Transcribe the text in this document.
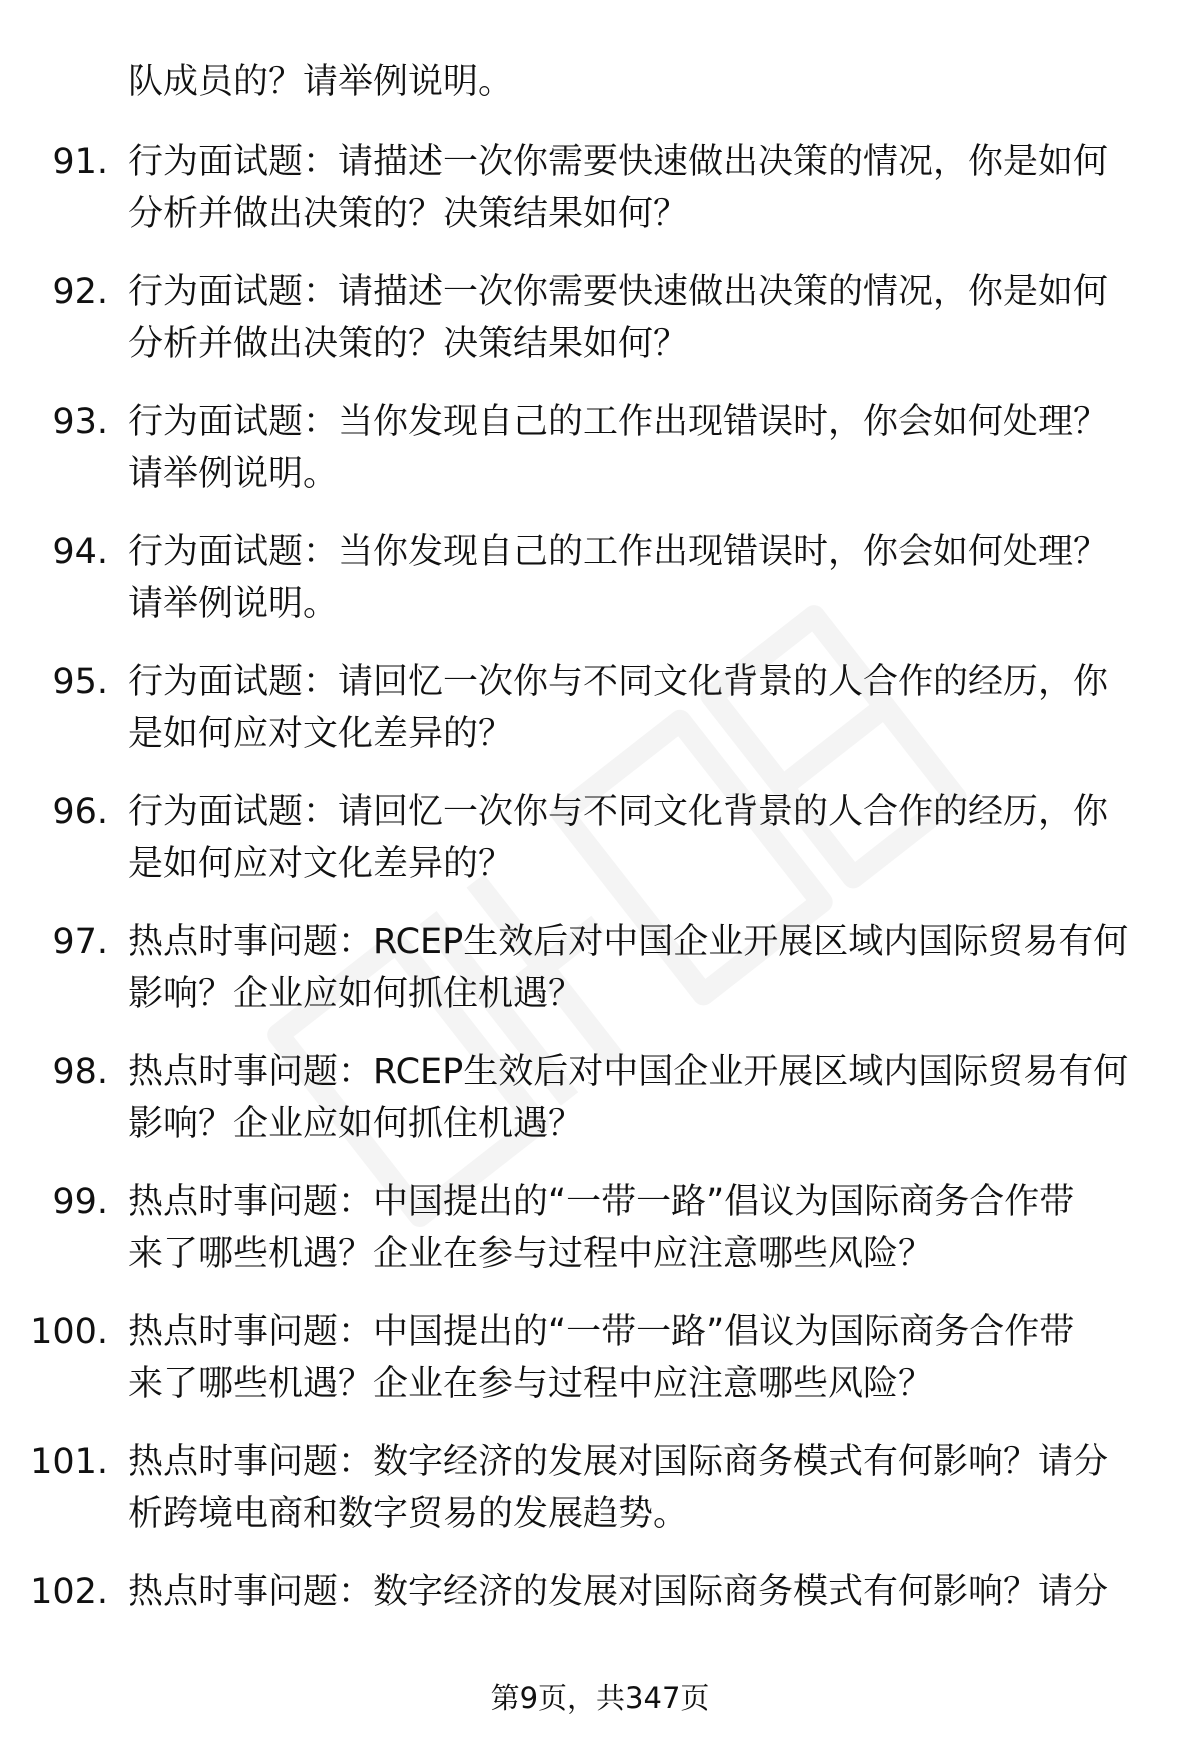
队成员的？请举例说明。

91. 行为面试题：请描述一次你需要快速做出决策的情况，你是如何
分析并做出决策的？决策结果如何？
92. 行为面试题：请描述一次你需要快速做出决策的情况，你是如何
分析并做出决策的？决策结果如何？
93. 行为面试题：当你发现自己的工作出现错误时，你会如何处理？
请举例说明。
94. 行为面试题：当你发现自己的工作出现错误时，你会如何处理？
请举例说明。
95. 行为面试题：请回忆一次你与不同文化背景的人合作的经历，你
是如何应对文化差异的？
96. 行为面试题：请回忆一次你与不同文化背景的人合作的经历，你
是如何应对文化差异的？
97. 热点时事问题：RCEP生效后对中国企业开展区域内国际贸易有何
影响？企业应如何抓住机遇？
98. 热点时事问题：RCEP生效后对中国企业开展区域内国际贸易有何
影响？企业应如何抓住机遇？
99. 热点时事问题：中国提出的“一带一路”倡议为国际商务合作带
来了哪些机遇？企业在参与过程中应注意哪些风险？
100. 热点时事问题：中国提出的“一带一路”倡议为国际商务合作带
来了哪些机遇？企业在参与过程中应注意哪些风险？
101. 热点时事问题：数字经济的发展对国际商务模式有何影响？请分
析跨境电商和数字贸易的发展趋势。
102. 热点时事问题：数字经济的发展对国际商务模式有何影响？请分

第9页，共347页
